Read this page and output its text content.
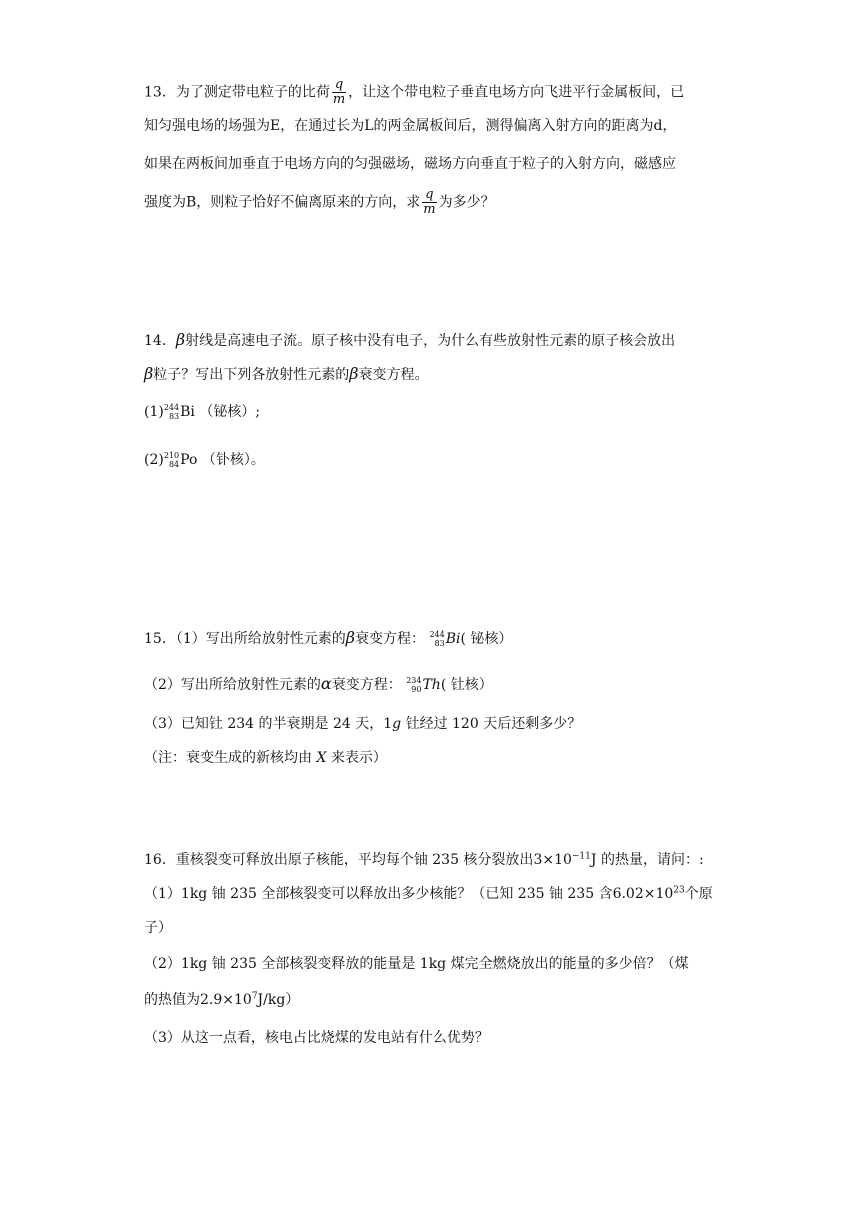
13．为了测定带电粒子的比荷 $\frac{q}{m}$ ，让这个带电粒子垂直电场方向飞进平行金属板间，已
知匀强电场的场强为E，在通过长为L的两金属板间后，测得偏离入射方向的距离为d，
如果在两板间加垂直于电场方向的匀强磁场，磁场方向垂直于粒子的入射方向，磁感应
强度为B，则粒子恰好不偏离原来的方向，求 $\frac{q}{m}$ 为多少？
14．β射线是高速电子流。原子核中没有电子，为什么有些放射性元素的原子核会放出
β粒子？写出下列各放射性元素的β衰变方程。
(1) 244
83 Bi （铋核）;
(2) 210
84 Po （钋核）。
15．（1）写出所给放射性元素的β衰变方程： 244
83 Bi( 铋核）
（2）写出所给放射性元素的α衰变方程： 234
90 Th( 钍核）
（3）已知钍 234 的半衰期是 24 天，1g 钍经过 120 天后还剩多少？
（注：衰变生成的新核均由 X 来表示）
16．重核裂变可释放出原子核能，平均每个铀 235 核分裂放出$3\times 10^{-11}J$ 的热量，请问：:
（1）1kg 铀 235 全部核裂变可以释放出多少核能？（已知 235 铀 235 含$6.02\times 10^{23}$个原
子）
（2）1kg 铀 235 全部核裂变释放的能量是 1kg 煤完全燃烧放出的能量的多少倍？（煤
的热值为$2.9\times 10^7J/kg$）
（3）从这一点看，核电占比烧煤的发电站有什么优势？
